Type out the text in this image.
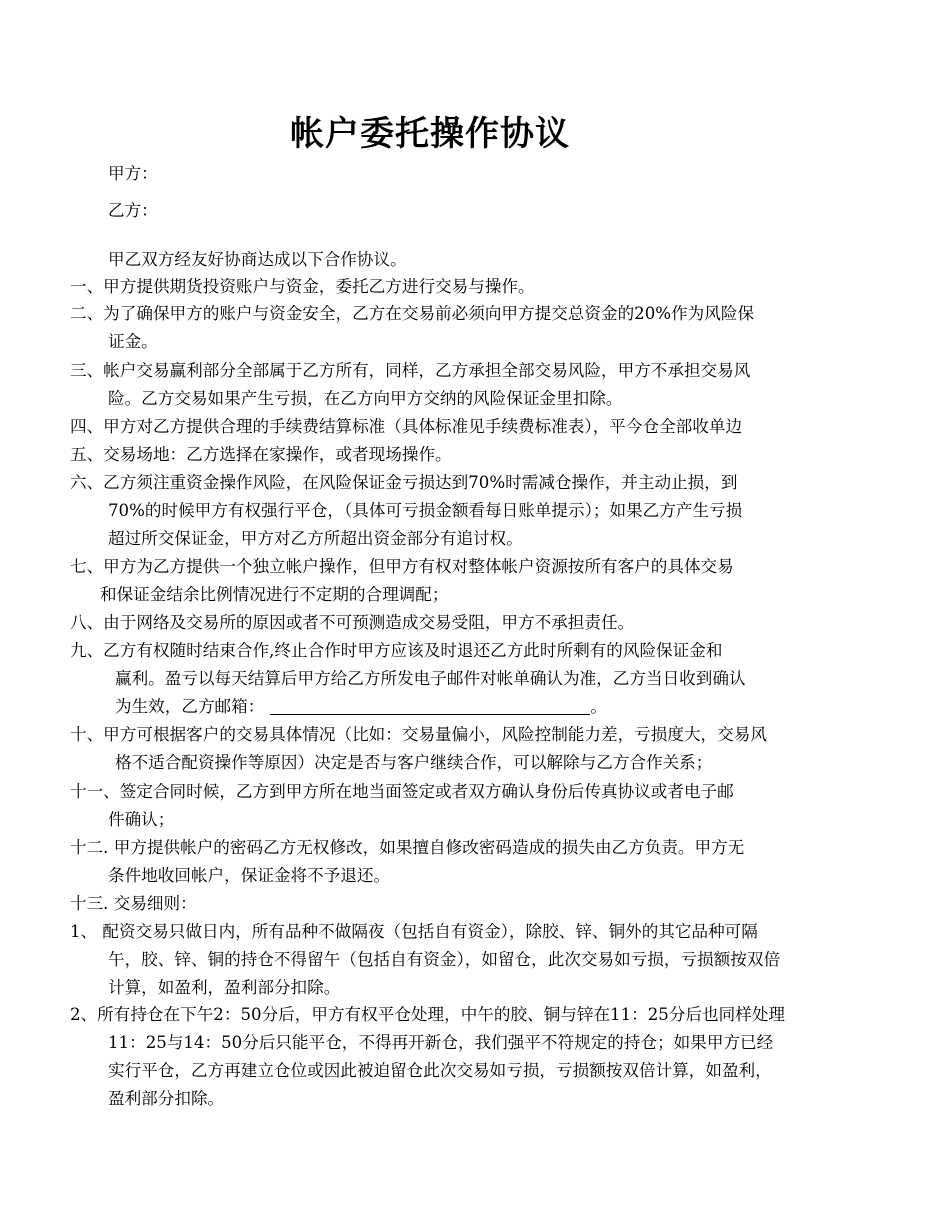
帐户委托操作协议
甲方：
乙方：
甲乙双方经友好协商达成以下合作协议。
一、甲方提供期货投资账户与资金，委托乙方进行交易与操作。
二、为了确保甲方的账户与资金安全，乙方在交易前必须向甲方提交总资金的20%作为风险保
证金。
三、帐户交易赢利部分全部属于乙方所有，同样，乙方承担全部交易风险，甲方不承担交易风
险。乙方交易如果产生亏损，在乙方向甲方交纳的风险保证金里扣除。
四、甲方对乙方提供合理的手续费结算标准（具体标准见手续费标准表），平今仓全部收单边
五、交易场地：乙方选择在家操作，或者现场操作。
六、乙方须注重资金操作风险，在风险保证金亏损达到70%时需减仓操作，并主动止损，到
70%的时候甲方有权强行平仓，（具体可亏损金额看每日账单提示）；如果乙方产生亏损
超过所交保证金，甲方对乙方所超出资金部分有追讨权。
七、甲方为乙方提供一个独立帐户操作，但甲方有权对整体帐户资源按所有客户的具体交易
和保证金结余比例情况进行不定期的合理调配；
八、由于网络及交易所的原因或者不可预测造成交易受阻，甲方不承担责任。
九、乙方有权随时结束合作,终止合作时甲方应该及时退还乙方此时所剩有的风险保证金和
赢利。盈亏以每天结算后甲方给乙方所发电子邮件对帐单确认为准，乙方当日收到确认
为生效，乙方邮箱：	。
十、甲方可根据客户的交易具体情况（比如：交易量偏小，风险控制能力差，亏损度大，交易风
格不适合配资操作等原因）决定是否与客户继续合作，可以解除与乙方合作关系；
十一、签定合同时候，乙方到甲方所在地当面签定或者双方确认身份后传真协议或者电子邮
件确认；
十二. 甲方提供帐户的密码乙方无权修改，如果擅自修改密码造成的损失由乙方负责。甲方无
条件地收回帐户，保证金将不予退还。
十三. 交易细则：
1、 配资交易只做日内，所有品种不做隔夜（包括自有资金），除胶、锌、铜外的其它品种可隔
午，胶、锌、铜的持仓不得留午（包括自有资金），如留仓，此次交易如亏损，亏损额按双倍
计算，如盈利，盈利部分扣除。
2、所有持仓在下午2：50分后，甲方有权平仓处理，中午的胶、铜与锌在11：25分后也同样处理
11：25与14：50分后只能平仓，不得再开新仓，我们强平不符规定的持仓；如果甲方已经
实行平仓，乙方再建立仓位或因此被迫留仓此次交易如亏损，亏损额按双倍计算，如盈利，
盈利部分扣除。
